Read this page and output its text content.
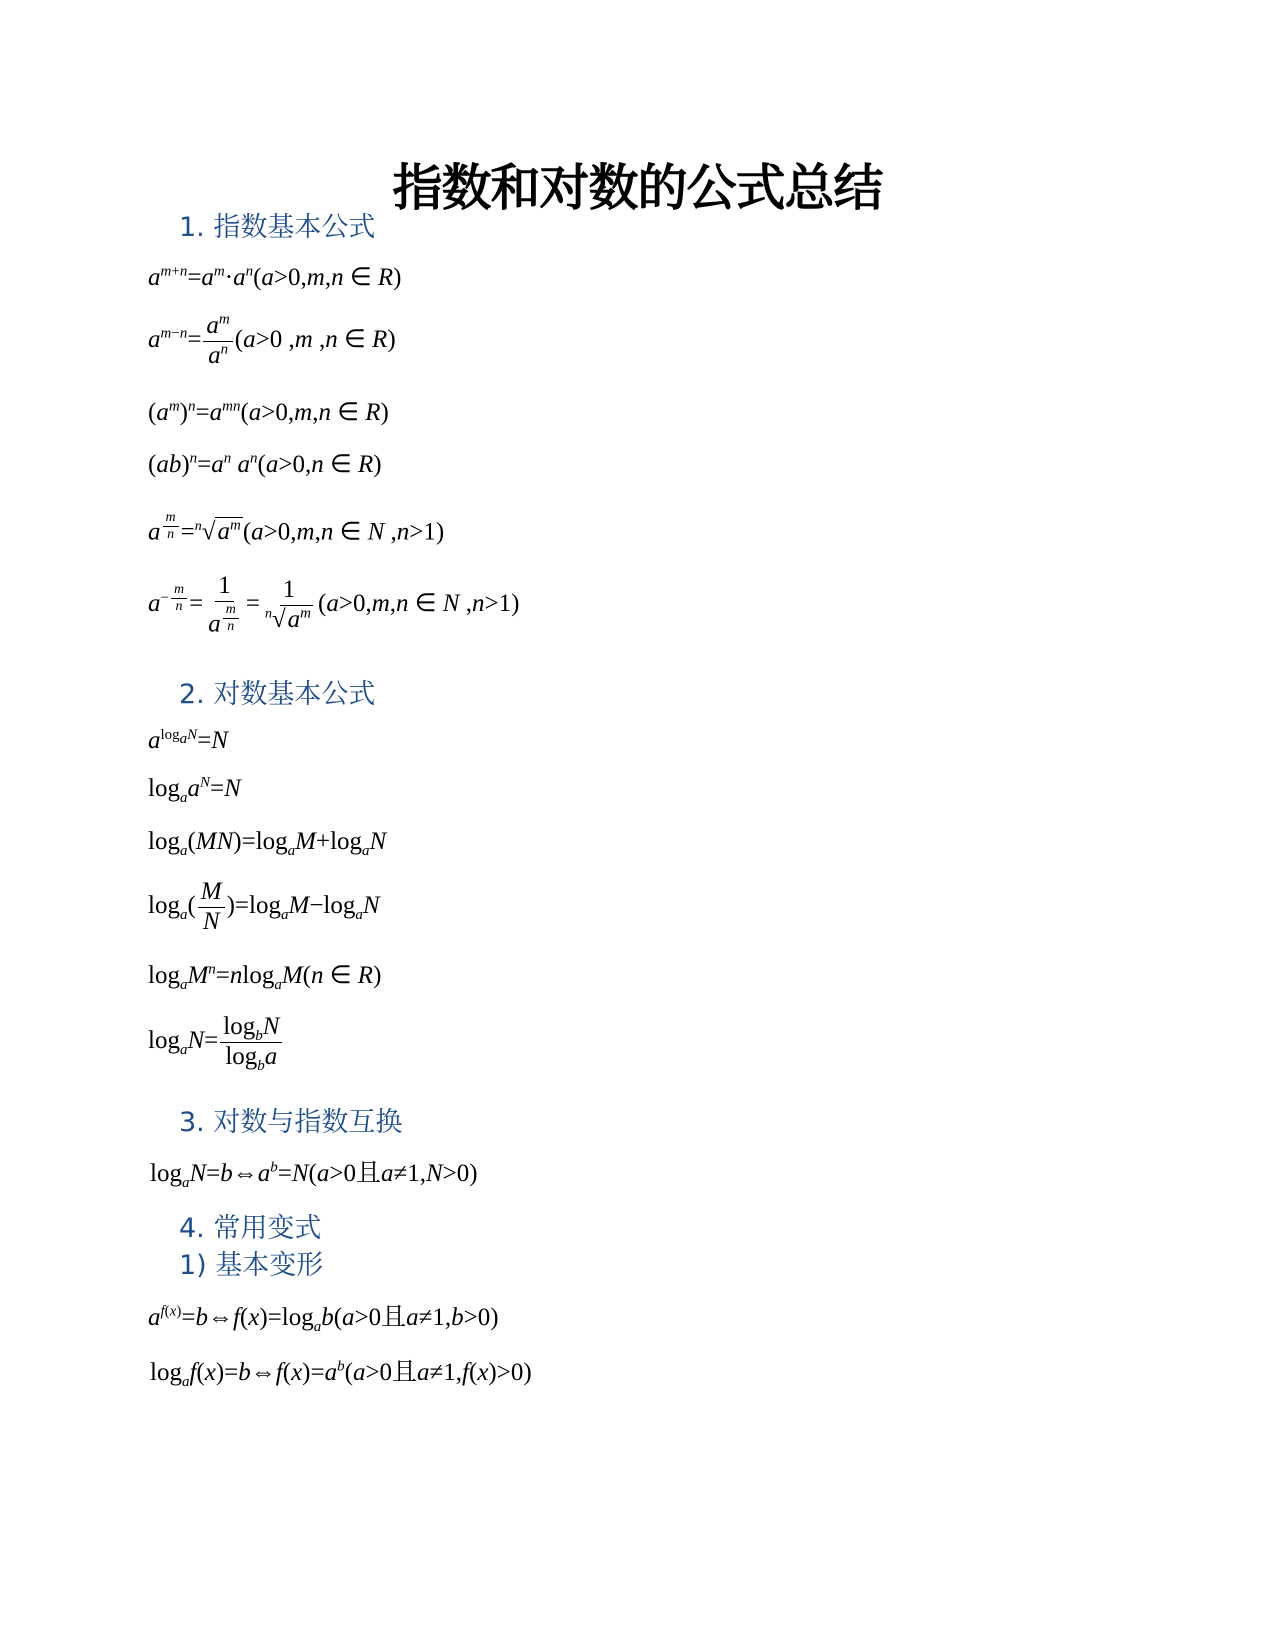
指数和对数的公式总结
1. 指数基本公式
$a^{m+n}=a^m\cdot a^n(a>0,m,n$ ∈ R)
$a^{m-n}= \frac{a^m}{a^n} (a>0$ ,m ,n ∈ R)
$(a^m)^n=a^{mn}(a>0,m,n$ ∈ R)
$(ab)^n=a^n$ $a^n(a>0,n$ ∈ R)
a $^{\frac{m}{n}} =^n√a^m(a>0,m,n$ ∈ N ,n>1)
$a^{- \frac{m}{n}} = 1$
a $^{\frac{m}{n}} = \frac{1}{^n√a^m} (a>0,m,n$ ∈ N ,n>1)
2. 对数基本公式
$a^{log_aN}=N$
$\log_aa^N=N$
$\log_a(MN)=\log_aM+\log_aN$
$\log_a( \frac{M}{N} )=\log_aM-\log_aN$
$\log_aM^n=nlog_aM(n$ ∈ R)
$\log_aN= \frac{\log_bN}{\log_ba}$
3. 对数与指数互换
$\log_aN=b\Leftrightarrow a^b=N(a>0$且a≠1,N>0)
4. 常用变式
1) 基本变形
$a^{f(x)}=b\Leftrightarrow f(x)=\log_ab(a>0$且a≠1,b>0)
$\log_af(x)=b\Leftrightarrow f(x)=a^b(a>0$且a≠1,f(x)>0)
